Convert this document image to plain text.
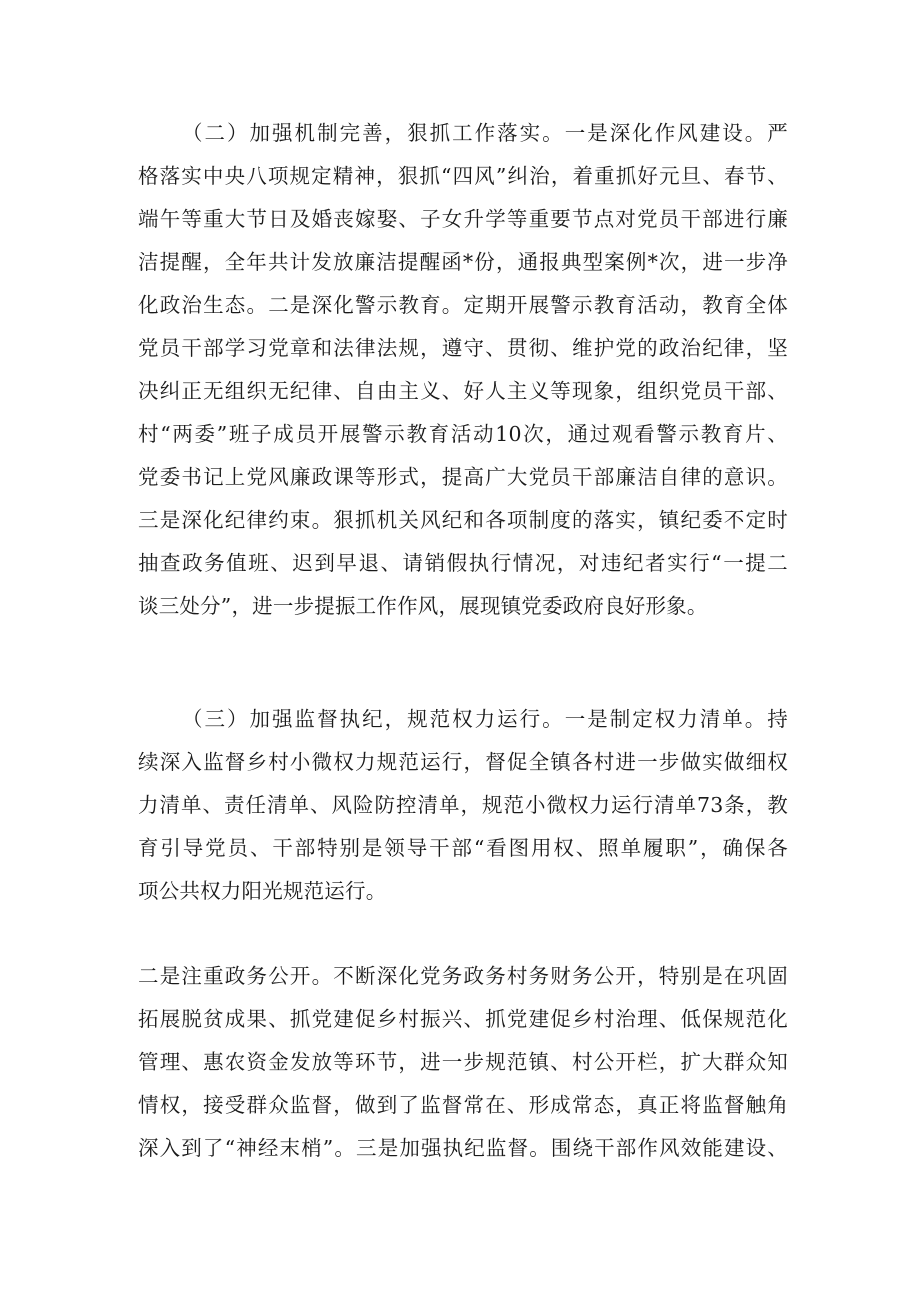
（二）加强机制完善，狠抓工作落实。一是深化作风建设。严
格落实中央八项规定精神，狠抓“四风”纠治，着重抓好元旦、春节、
端午等重大节日及婚丧嫁娶、子女升学等重要节点对党员干部进行廉
洁提醒，全年共计发放廉洁提醒函*份，通报典型案例*次，进一步净
化政治生态。二是深化警示教育。定期开展警示教育活动，教育全体
党员干部学习党章和法律法规，遵守、贯彻、维护党的政治纪律，坚
决纠正无组织无纪律、自由主义、好人主义等现象，组织党员干部、
村“两委”班子成员开展警示教育活动10次，通过观看警示教育片、
党委书记上党风廉政课等形式，提高广大党员干部廉洁自律的意识。
三是深化纪律约束。狠抓机关风纪和各项制度的落实，镇纪委不定时
抽查政务值班、迟到早退、请销假执行情况，对违纪者实行“一提二
谈三处分”，进一步提振工作作风，展现镇党委政府良好形象。

（三）加强监督执纪，规范权力运行。一是制定权力清单。持
续深入监督乡村小微权力规范运行，督促全镇各村进一步做实做细权
力清单、责任清单、风险防控清单，规范小微权力运行清单73条，教
育引导党员、干部特别是领导干部“看图用权、照单履职”，确保各
项公共权力阳光规范运行。

二是注重政务公开。不断深化党务政务村务财务公开，特别是在巩固
拓展脱贫成果、抓党建促乡村振兴、抓党建促乡村治理、低保规范化
管理、惠农资金发放等环节，进一步规范镇、村公开栏，扩大群众知
情权，接受群众监督，做到了监督常在、形成常态，真正将监督触角
深入到了“神经末梢”。三是加强执纪监督。围绕干部作风效能建设、
